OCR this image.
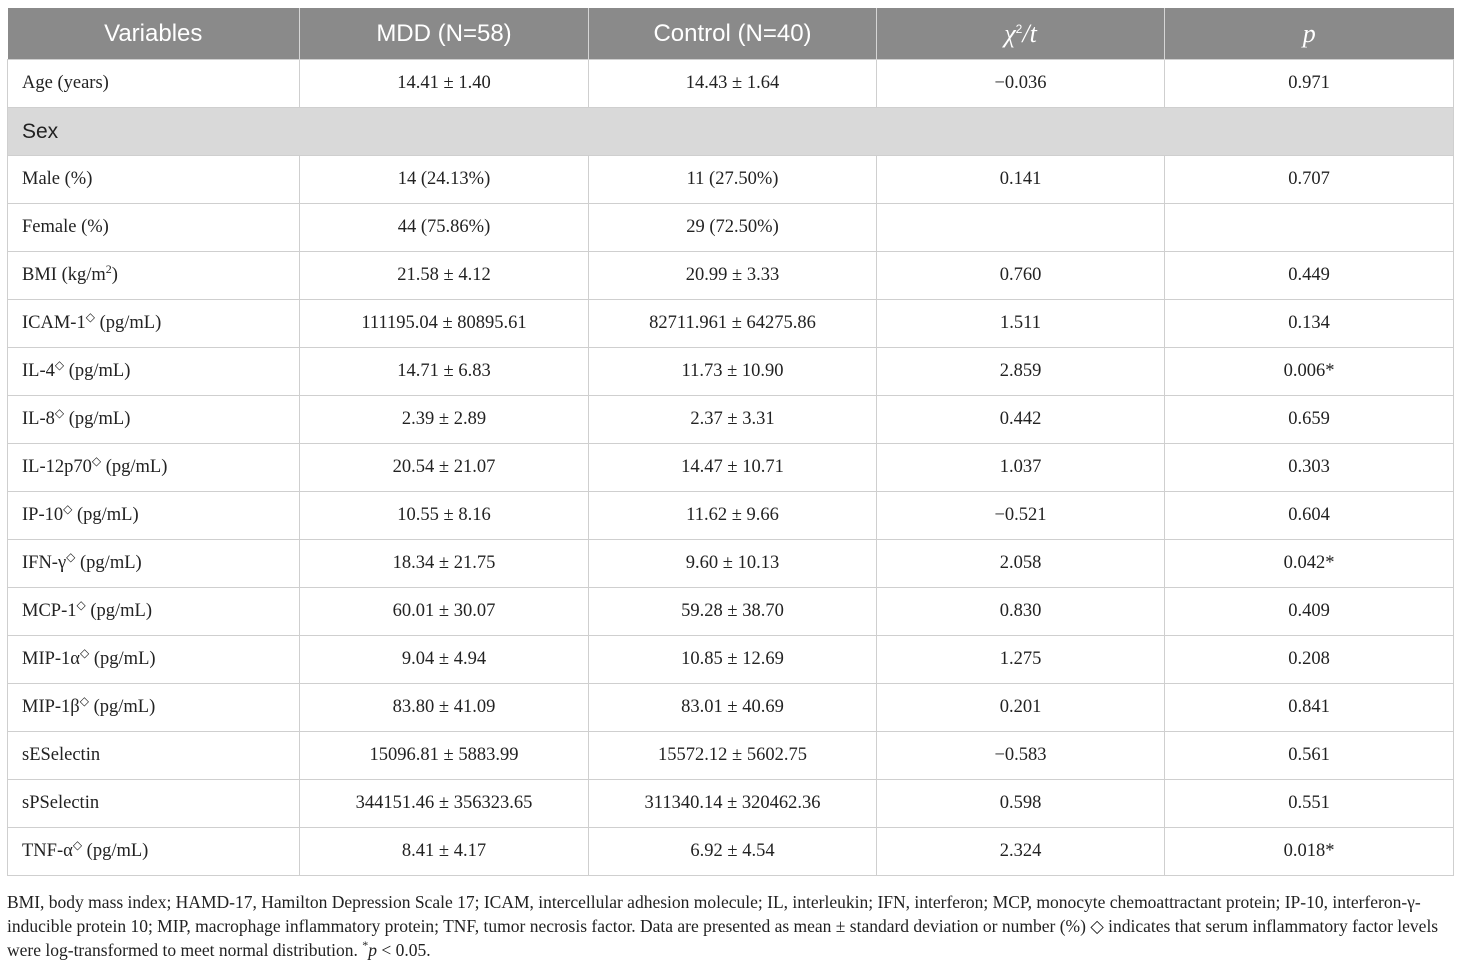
Variables	MDD (N=58)	Control (N=40)	$\chi^2/t$	p
Age (years)	14.41 ± 1.40	14.43 ± 1.64	−0.036	0.971
Sex				
Male (%)	14 (24.13%)	11 (27.50%)	0.141	0.707
Female (%)	44 (75.86%)	29 (72.50%)		
BMI $(kg/m^2)$	21.58 ± 4.12	20.99 ± 3.33	0.760	0.449
ICAM-1◇ (pg/mL)	111195.04 ± 80895.61	82711.961 ± 64275.86	1.511	0.134
IL-4◇ (pg/mL)	14.71 ± 6.83	11.73 ± 10.90	2.859	0.006*
IL-8◇ (pg/mL)	2.39 ± 2.89	2.37 ± 3.31	0.442	0.659
IL-12p70◇ (pg/mL)	20.54 ± 21.07	14.47 ± 10.71	1.037	0.303
IP-10◇ (pg/mL)	10.55 ± 8.16	11.62 ± 9.66	−0.521	0.604
IFN-γ◇ (pg/mL)	18.34 ± 21.75	9.60 ± 10.13	2.058	0.042*
MCP-1◇ (pg/mL)	60.01 ± 30.07	59.28 ± 38.70	0.830	0.409
MIP-1α◇ (pg/mL)	9.04 ± 4.94	10.85 ± 12.69	1.275	0.208
MIP-1β◇ (pg/mL)	83.80 ± 41.09	83.01 ± 40.69	0.201	0.841
sESelectin	15096.81 ± 5883.99	15572.12 ± 5602.75	−0.583	0.561
sPSelectin	344151.46 ± 356323.65	311340.14 ± 320462.36	0.598	0.551
TNF-α◇ (pg/mL)	8.41 ± 4.17	6.92 ± 4.54	2.324	0.018*
BMI, body mass index; HAMD-17, Hamilton Depression Scale 17; ICAM, intercellular adhesion molecule; IL, interleukin; IFN, interferon; MCP, monocyte chemoattractant protein; IP-10, interferon-γ-inducible protein 10; MIP, macrophage inflammatory protein; TNF, tumor necrosis factor. Data are presented as mean ± standard deviation or number (%) ◇ indicates that serum inflammatory factor levels were log-transformed to meet normal distribution. *p < 0.05.
